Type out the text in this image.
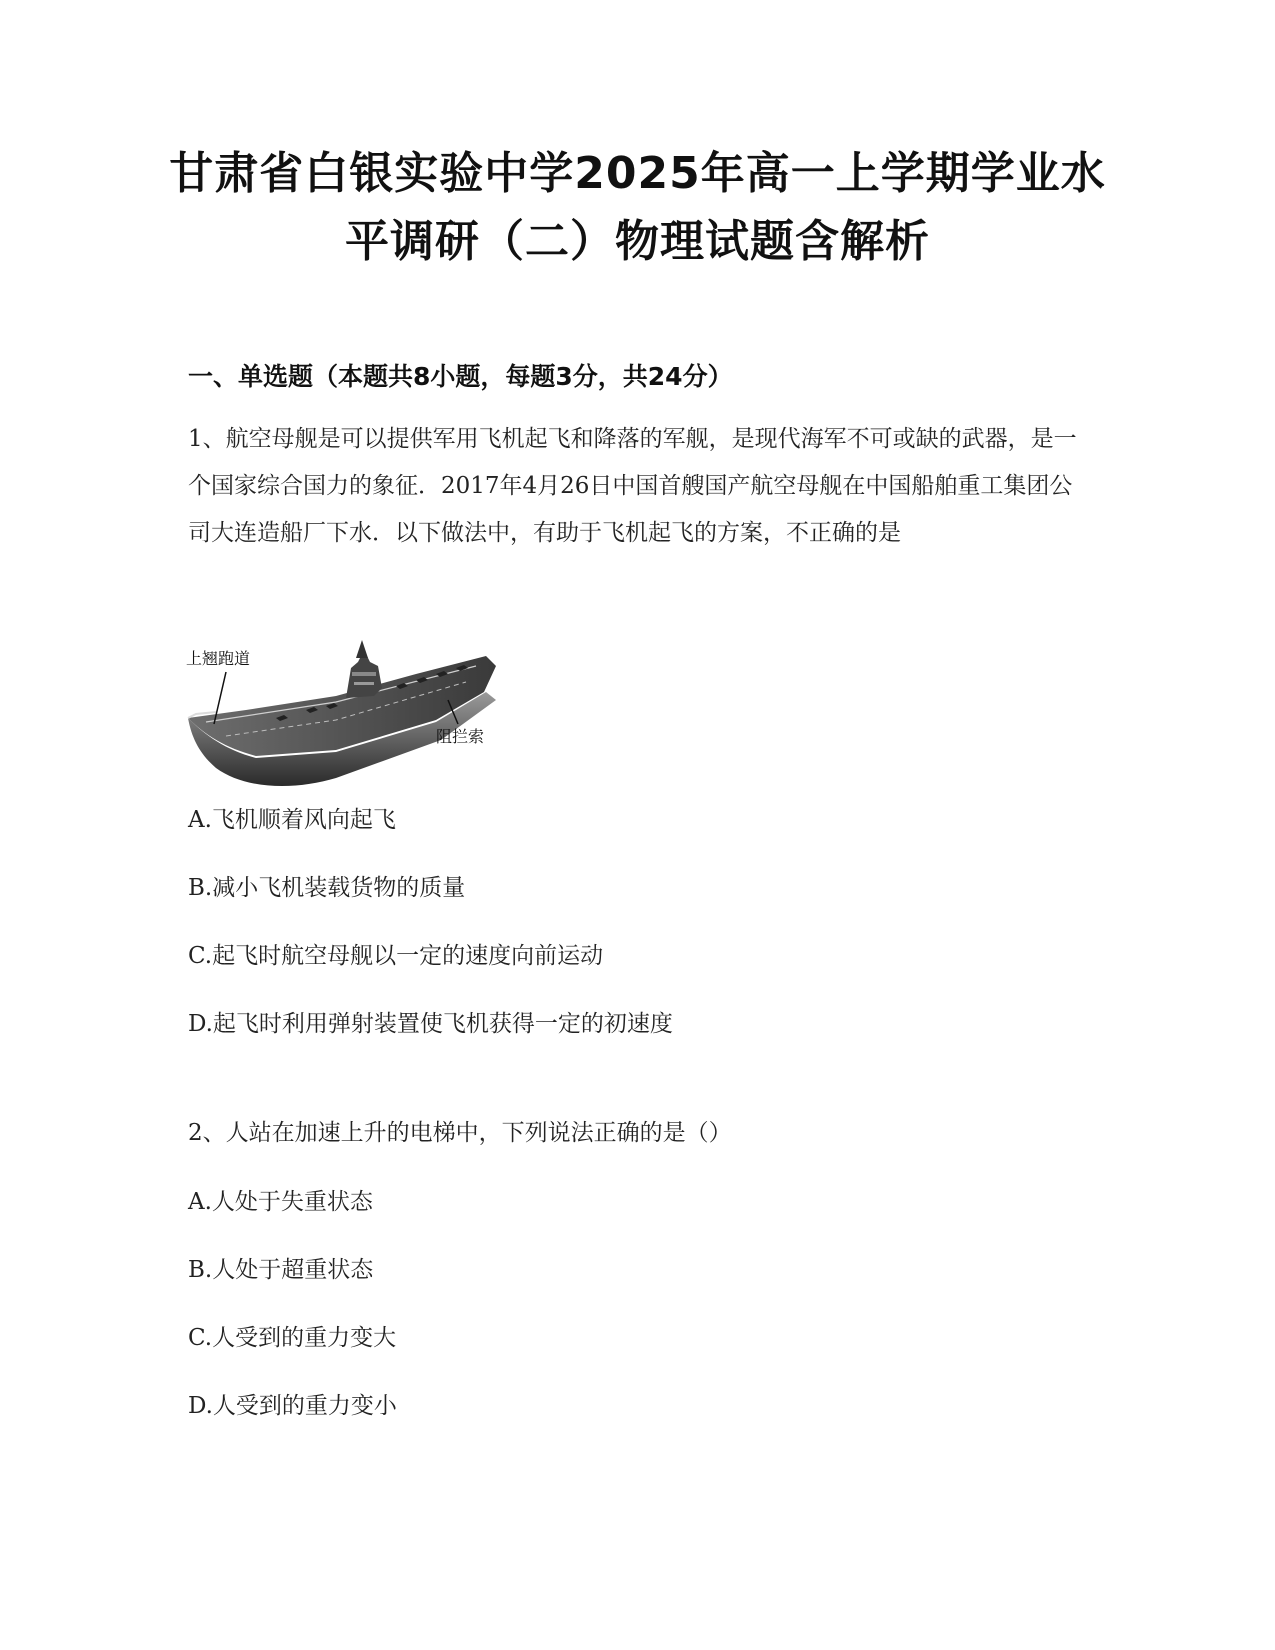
甘肃省白银实验中学2025年高一上学期学业水平调研（二）物理试题含解析
一、单选题（本题共8小题，每题3分，共24分）
1、航空母舰是可以提供军用飞机起飞和降落的军舰，是现代海军不可或缺的武器，是一个国家综合国力的象征．2017年4月26日中国首艘国产航空母舰在中国船舶重工集团公司大连造船厂下水．以下做法中，有助于飞机起飞的方案，不正确的是
上翘跑道
阻拦索
A.飞机顺着风向起飞
B.减小飞机装载货物的质量
C.起飞时航空母舰以一定的速度向前运动
D.起飞时利用弹射装置使飞机获得一定的初速度
2、人站在加速上升的电梯中，下列说法正确的是（）
A.人处于失重状态
B.人处于超重状态
C.人受到的重力变大
D.人受到的重力变小
